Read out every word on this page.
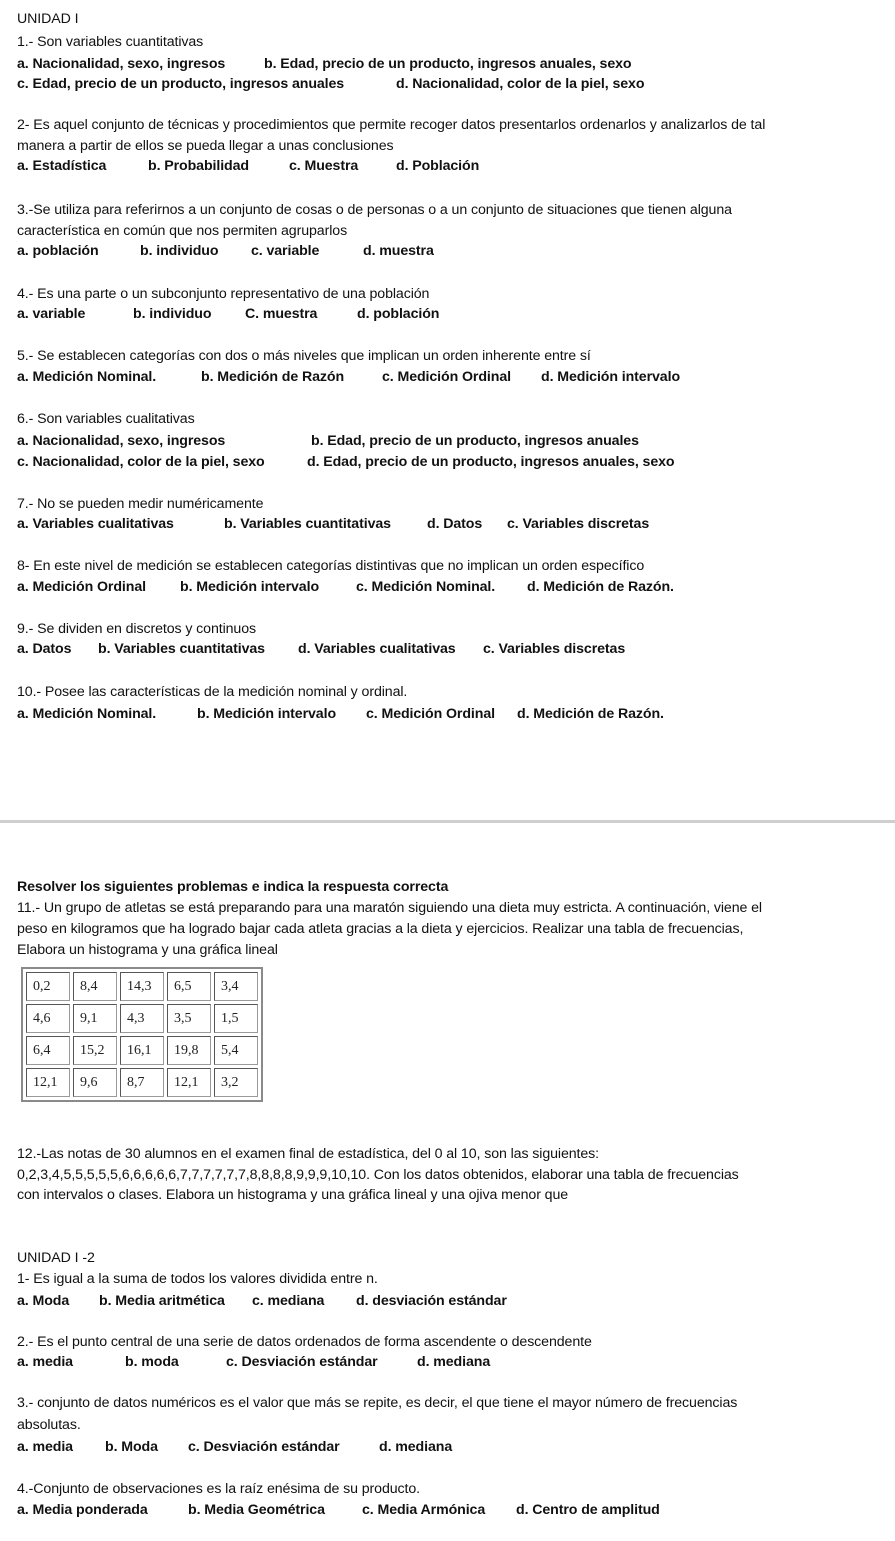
UNIDAD I
1.- Son variables cuantitativas
a. Nacionalidad, sexo, ingresos	b. Edad, precio de un producto, ingresos anuales, sexo
c. Edad, precio de un producto, ingresos anuales	d. Nacionalidad, color de la piel, sexo
2- Es aquel conjunto de técnicas y procedimientos que permite recoger datos presentarlos ordenarlos y analizarlos de tal
manera a partir de ellos se pueda llegar a unas conclusiones
a. Estadística	b. Probabilidad	c. Muestra	d. Población
3.-Se utiliza para referirnos a un conjunto de cosas o de personas o a un conjunto de situaciones que tienen alguna
característica en común que nos permiten agruparlos
a. población	b. individuo c. variable	d. muestra
4.- Es una parte o un subconjunto representativo de una población
a. variable	b. individuo C. muestra	d. población
5.- Se establecen categorías con dos o más niveles que implican un orden inherente entre sí
a. Medición Nominal.	b. Medición de Razón	c. Medición Ordinal d. Medición intervalo
6.- Son variables cualitativas
a. Nacionalidad, sexo, ingresos	b. Edad, precio de un producto, ingresos anuales
c. Nacionalidad, color de la piel, sexo	d. Edad, precio de un producto, ingresos anuales, sexo
7.- No se pueden medir numéricamente
a. Variables cualitativas	b. Variables cuantitativas	d. Datos c. Variables discretas
8- En este nivel de medición se establecen categorías distintivas que no implican un orden específico
a. Medición Ordinal b. Medición intervalo	c. Medición Nominal. d. Medición de Razón.
9.- Se dividen en discretos y continuos
a. Datos b. Variables cuantitativas d. Variables cualitativas c. Variables discretas
10.- Posee las características de la medición nominal y ordinal.
a. Medición Nominal.	b. Medición intervalo c. Medición Ordinal d. Medición de Razón.
Resolver los siguientes problemas e indica la respuesta correcta
11.- Un grupo de atletas se está preparando para una maratón siguiendo una dieta muy estricta. A continuación, viene el
peso en kilogramos que ha logrado bajar cada atleta gracias a la dieta y ejercicios. Realizar una tabla de frecuencias,
Elabora un histograma y una gráfica lineal
0,2	8,4	14,3	6,5	3,4
4,6	9,1	4,3	3,5	1,5
6,4	15,2	16,1	19,8	5,4
12,1	9,6	8,7	12,1	3,2
12.-Las notas de 30 alumnos en el examen final de estadística, del 0 al 10, son las siguientes:
0,2,3,4,5,5,5,5,5,6,6,6,6,6,7,7,7,7,7,7,8,8,8,8,9,9,9,10,10. Con los datos obtenidos, elaborar una tabla de frecuencias
con intervalos o clases. Elabora un histograma y una gráfica lineal y una ojiva menor que
UNIDAD I -2
1- Es igual a la suma de todos los valores dividida entre n.
a. Moda b. Media aritmética c. mediana d. desviación estándar
2.- Es el punto central de una serie de datos ordenados de forma ascendente o descendente
a. media	b. moda	c. Desviación estándar	d. mediana
3.- conjunto de datos numéricos es el valor que más se repite, es decir, el que tiene el mayor número de frecuencias
absolutas.
a. media b. Moda c. Desviación estándar	d. mediana
4.-Conjunto de observaciones es la raíz enésima de su producto.
a. Media ponderada	b. Media Geométrica	c. Media Armónica d. Centro de amplitud
